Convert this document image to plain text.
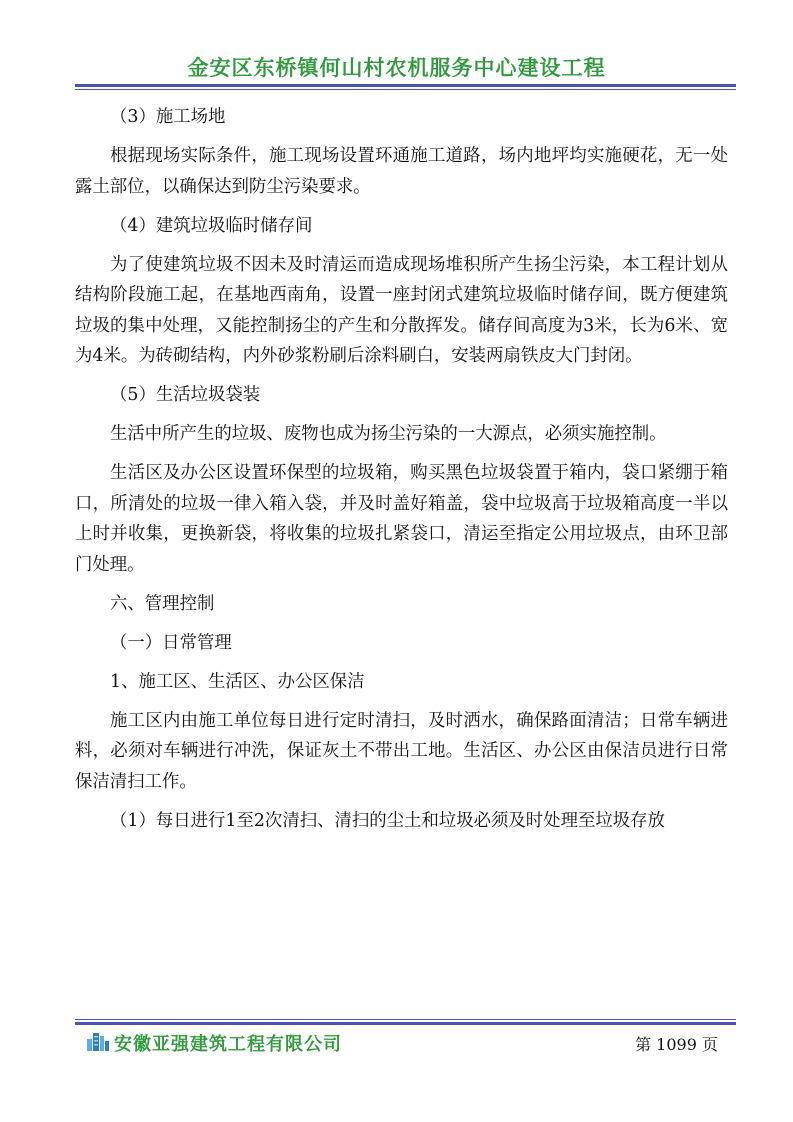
金安区东桥镇何山村农机服务中心建设工程

（3）施工场地

根据现场实际条件，施工现场设置环通施工道路，场内地坪均实施硬花，无一处露土部位，以确保达到防尘污染要求。

（4）建筑垃圾临时储存间

为了使建筑垃圾不因未及时清运而造成现场堆积所产生扬尘污染，本工程计划从结构阶段施工起，在基地西南角，设置一座封闭式建筑垃圾临时储存间，既方便建筑垃圾的集中处理，又能控制扬尘的产生和分散挥发。储存间高度为3米，长为6米、宽为4米。为砖砌结构，内外砂浆粉刷后涂料刷白，安装两扇铁皮大门封闭。

（5）生活垃圾袋装

生活中所产生的垃圾、废物也成为扬尘污染的一大源点，必须实施控制。

生活区及办公区设置环保型的垃圾箱，购买黑色垃圾袋置于箱内，袋口紧绷于箱口，所清处的垃圾一律入箱入袋，并及时盖好箱盖，袋中垃圾高于垃圾箱高度一半以上时并收集，更换新袋，将收集的垃圾扎紧袋口，清运至指定公用垃圾点，由环卫部门处理。

六、管理控制

（一）日常管理

1、施工区、生活区、办公区保洁

施工区内由施工单位每日进行定时清扫，及时洒水，确保路面清洁；日常车辆进料，必须对车辆进行冲洗，保证灰土不带出工地。生活区、办公区由保洁员进行日常保洁清扫工作。

（1）每日进行1至2次清扫、清扫的尘土和垃圾必须及时处理至垃圾存放

安徽亚强建筑工程有限公司	第 1099 页
